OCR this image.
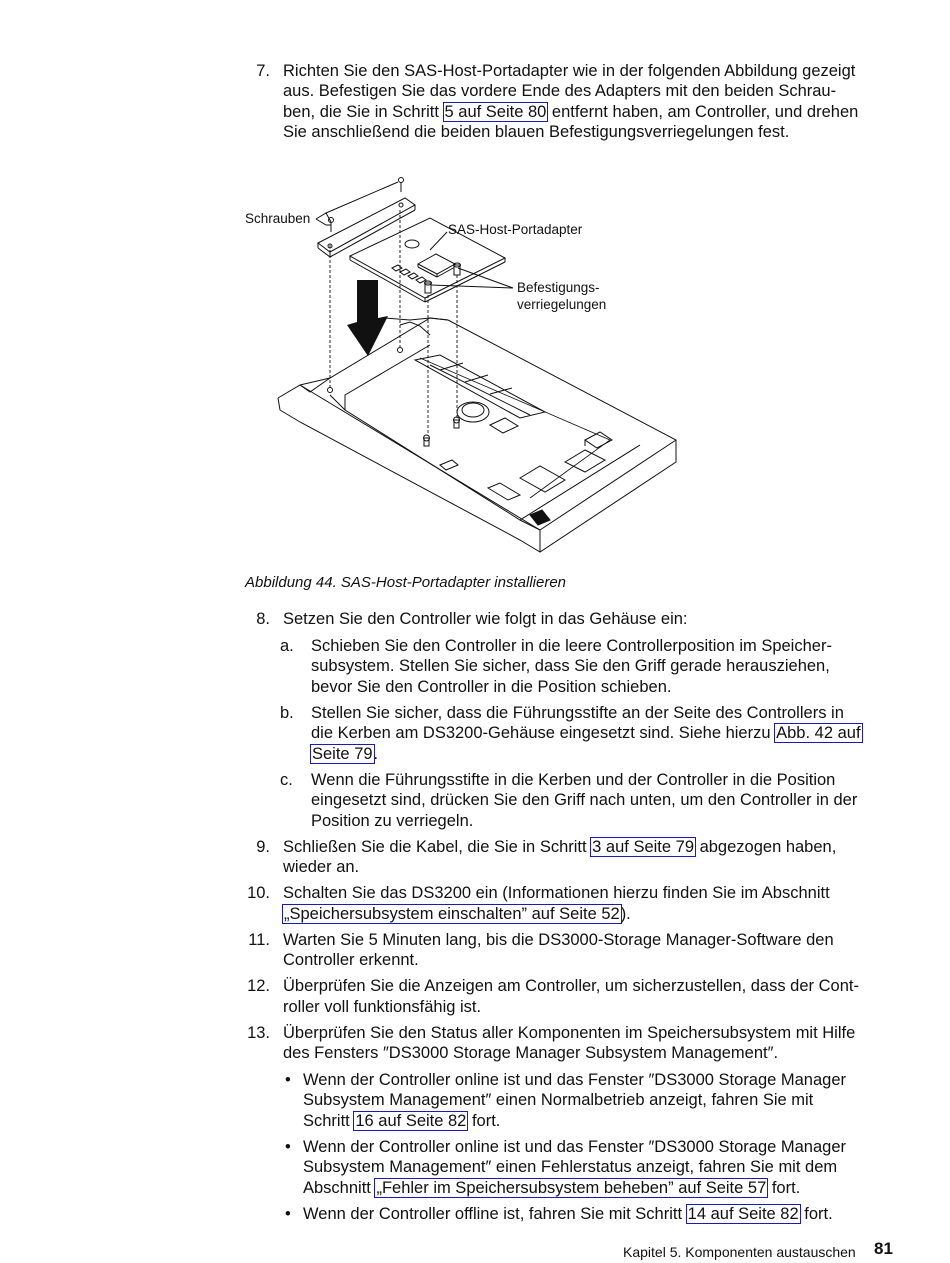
7. Richten Sie den SAS-Host-Portadapter wie in der folgenden Abbildung gezeigt
aus. Befestigen Sie das vordere Ende des Adapters mit den beiden Schrau-
ben, die Sie in Schritt 5 auf Seite 80 entfernt haben, am Controller, und drehen
Sie anschließend die beiden blauen Befestigungsverriegelungen fest.
Schrauben
SAS-Host-Portadapter
Befestigungs-
verriegelungen
Abbildung 44. SAS-Host-Portadapter installieren
8. Setzen Sie den Controller wie folgt in das Gehäuse ein:
a.	Schieben Sie den Controller in die leere Controllerposition im Speicher-
subsystem. Stellen Sie sicher, dass Sie den Griff gerade herausziehen,
bevor Sie den Controller in die Position schieben.
b.	Stellen Sie sicher, dass die Führungsstifte an der Seite des Controllers in
die Kerben am DS3200-Gehäuse eingesetzt sind. Siehe hierzu Abb. 42 auf
Seite 79.
c.	Wenn die Führungsstifte in die Kerben und der Controller in die Position
eingesetzt sind, drücken Sie den Griff nach unten, um den Controller in der
Position zu verriegeln.
9. Schließen Sie die Kabel, die Sie in Schritt 3 auf Seite 79 abgezogen haben,
wieder an.
10. Schalten Sie das DS3200 ein (Informationen hierzu finden Sie im Abschnitt
„Speichersubsystem einschalten” auf Seite 52).
11. Warten Sie 5 Minuten lang, bis die DS3000-Storage Manager-Software den
Controller erkennt.
12. Überprüfen Sie die Anzeigen am Controller, um sicherzustellen, dass der Cont-
roller voll funktionsfähig ist.
13. Überprüfen Sie den Status aller Komponenten im Speichersubsystem mit Hilfe
des Fensters ″DS3000 Storage Manager Subsystem Management″.
• Wenn der Controller online ist und das Fenster ″DS3000 Storage Manager
Subsystem Management″ einen Normalbetrieb anzeigt, fahren Sie mit
Schritt 16 auf Seite 82 fort.
• Wenn der Controller online ist und das Fenster ″DS3000 Storage Manager
Subsystem Management″ einen Fehlerstatus anzeigt, fahren Sie mit dem
Abschnitt „Fehler im Speichersubsystem beheben” auf Seite 57 fort.
• Wenn der Controller offline ist, fahren Sie mit Schritt 14 auf Seite 82 fort.
Kapitel 5. Komponenten austauschen 81
